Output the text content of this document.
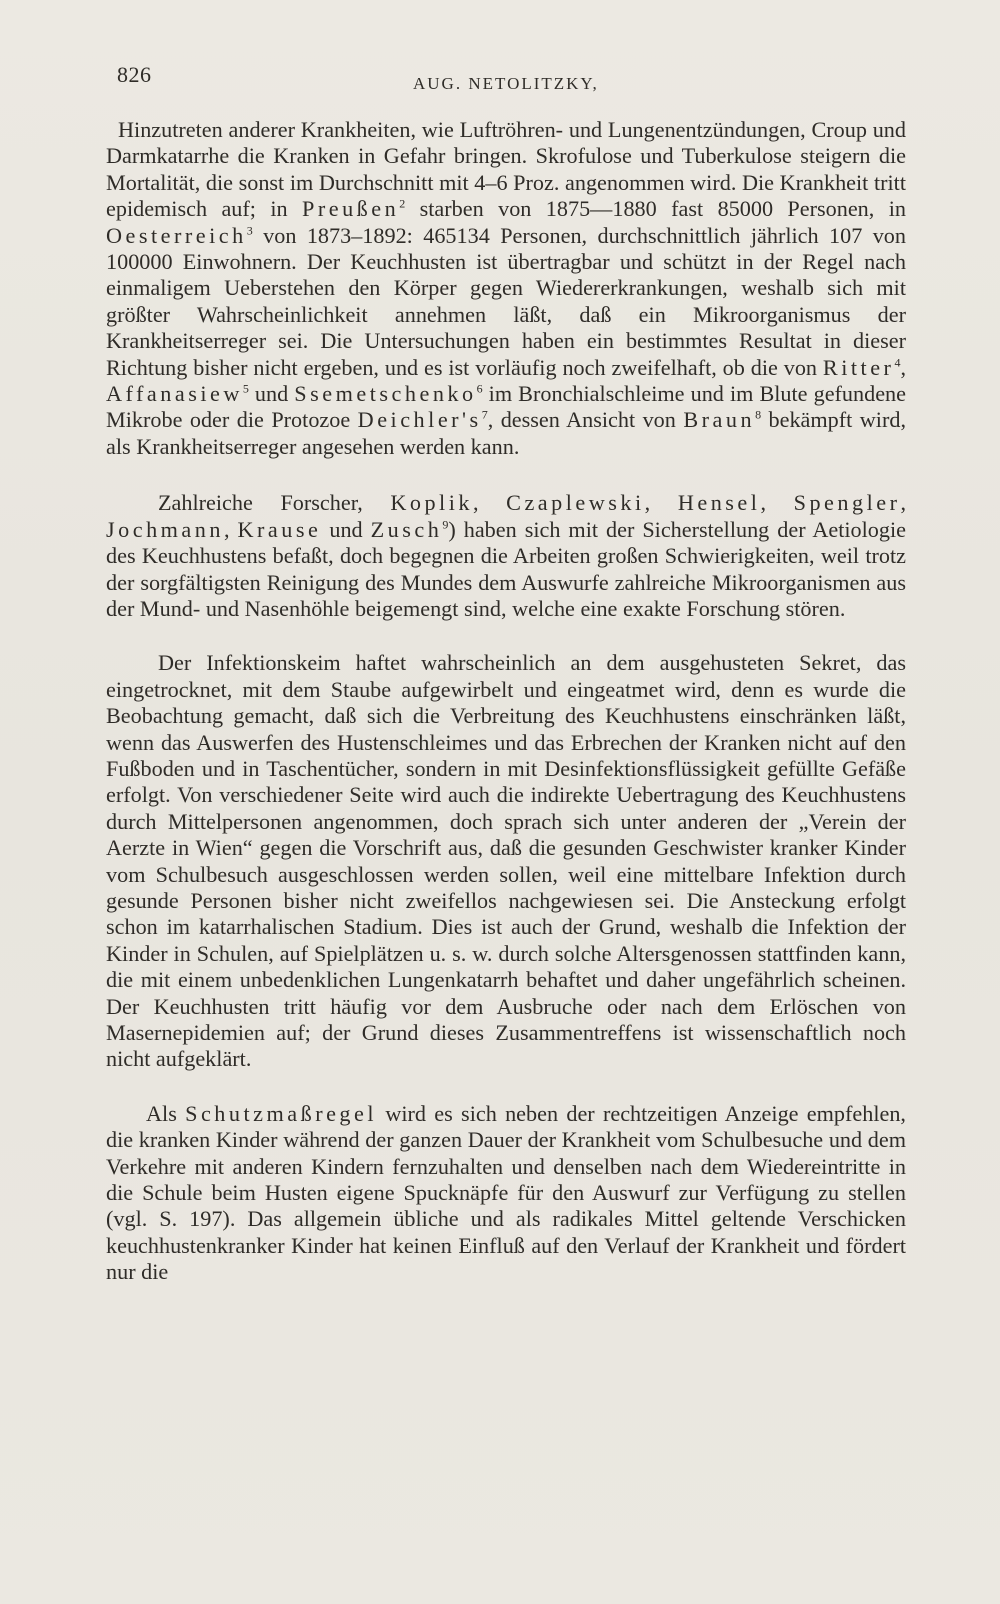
826	AUG. NETOLITZKY,

Hinzutreten anderer Krankheiten, wie Luftröhren- und Lungenentzündungen, Croup und Darmkatarrhe die Kranken in Gefahr bringen. Skrofulose und Tuberkulose steigern die Mortalität, die sonst im Durchschnitt mit 4–6 Proz. angenommen wird. Die Krankheit tritt epidemisch auf; in Preußen$^2$ starben von 1875—1880 fast 85000 Personen, in Oesterreich$^3$ von 1873–1892: 465134 Personen, durchschnittlich jährlich 107 von 100000 Einwohnern. Der Keuchhusten ist übertragbar und schützt in der Regel nach einmaligem Ueberstehen den Körper gegen Wiedererkrankungen, weshalb sich mit größter Wahrscheinlichkeit annehmen läßt, daß ein Mikroorganismus der Krankheitserreger sei. Die Untersuchungen haben ein bestimmtes Resultat in dieser Richtung bisher nicht ergeben, und es ist vorläufig noch zweifelhaft, ob die von Ritter$^4$, Affanasiew$^5$ und Ssemetschenko$^6$ im Bronchialschleime und im Blute gefundene Mikrobe oder die Protozoe $Deichler's^7$, dessen Ansicht von Braun$^8$ bekämpft wird, als Krankheitserreger angesehen werden kann.

Zahlreiche Forscher, Koplik, Czaplewski, Hensel, Spengler, Jochmann, Krause und Zusch$^9$) haben sich mit der Sicherstellung der Aetiologie des Keuchhustens befaßt, doch begegnen die Arbeiten großen Schwierigkeiten, weil trotz der sorgfältigsten Reinigung des Mundes dem Auswurfe zahlreiche Mikroorganismen aus der Mund- und Nasenhöhle beigemengt sind, welche eine exakte Forschung stören.

Der Infektionskeim haftet wahrscheinlich an dem ausgehusteten Sekret, das eingetrocknet, mit dem Staube aufgewirbelt und eingeatmet wird, denn es wurde die Beobachtung gemacht, daß sich die Verbreitung des Keuchhustens einschränken läßt, wenn das Auswerfen des Hustenschleimes und das Erbrechen der Kranken nicht auf den Fußboden und in Taschentücher, sondern in mit Desinfektionsflüssigkeit gefüllte Gefäße erfolgt. Von verschiedener Seite wird auch die indirekte Uebertragung des Keuchhustens durch Mittelpersonen angenommen, doch sprach sich unter anderen der „Verein der Aerzte in Wien“ gegen die Vorschrift aus, daß die gesunden Geschwister kranker Kinder vom Schulbesuch ausgeschlossen werden sollen, weil eine mittelbare Infektion durch gesunde Personen bisher nicht zweifellos nachgewiesen sei. Die Ansteckung erfolgt schon im katarrhalischen Stadium. Dies ist auch der Grund, weshalb die Infektion der Kinder in Schulen, auf Spielplätzen u. s. w. durch solche Altersgenossen stattfinden kann, die mit einem unbedenklichen Lungenkatarrh behaftet und daher ungefährlich scheinen. Der Keuchhusten tritt häufig vor dem Ausbruche oder nach dem Erlöschen von Masernepidemien auf; der Grund dieses Zusammentreffens ist wissenschaftlich noch nicht aufgeklärt.

Als Schutzmaßregel wird es sich neben der rechtzeitigen Anzeige empfehlen, die kranken Kinder während der ganzen Dauer der Krankheit vom Schulbesuche und dem Verkehre mit anderen Kindern fernzuhalten und denselben nach dem Wiedereintritte in die Schule beim Husten eigene Spucknäpfe für den Auswurf zur Verfügung zu stellen (vgl. S. 197). Das allgemein übliche und als radikales Mittel geltende Verschicken keuchhustenkranker Kinder hat keinen Einfluß auf den Verlauf der Krankheit und fördert nur die
